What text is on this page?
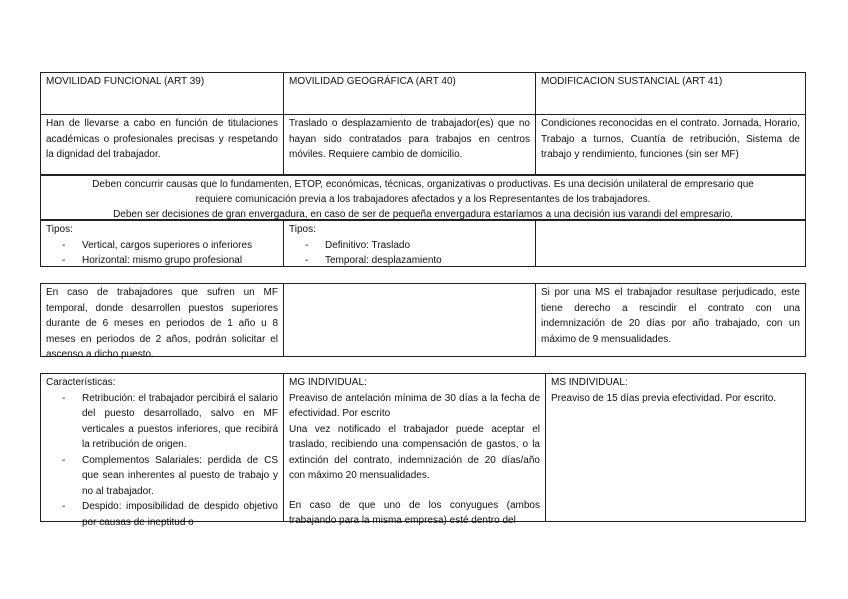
MOVILIDAD FUNCIONAL (ART 39)	MOVILIDAD GEOGRÁFICA (ART 40)	MODIFICACION SUSTANCIAL (ART 41)
Han de llevarse a cabo en función de titulaciones académicas o profesionales precisas y respetando la dignidad del trabajador.
Traslado o desplazamiento de trabajador(es) que no hayan sido contratados para trabajos en centros móviles. Requiere cambio de domicilio.
Condiciones reconocidas en el contrato. Jornada, Horario, Trabajo a turnos, Cuantía de retribución, Sistema de trabajo y rendimiento, funciones (sin ser MF)

Deben concurrir causas que lo fundamenten, ETOP, económicas, técnicas, organizativas o productivas. Es una decisión unilateral de empresario que

requiere comunicación previa a los trabajadores afectados y a los Representantes de los trabajadores.

Deben ser decisiones de gran envergadura, en caso de ser de pequeña envergadura estaríamos a una decisión ius varandi del empresario.

Tipos:

- Vertical, cargos superiores o inferiores
- Horizontal: mismo grupo profesional

Tipos:

- Definitivo: Traslado
- Temporal: desplazamiento
En caso de trabajadores que sufren un MF temporal, donde desarrollen puestos superiores durante de 6 meses en periodos de 1 año u 8 meses en periodos de 2 años, podrán solicitar el ascenso a dicho puesto.
Si por una MS el trabajador resultase perjudicado, este tiene derecho a rescindir el contrato con una indemnización de 20 días por año trabajado, con un máximo de 9 mensualidades.

Características:

- Retribución: el trabajador percibirá el salario del puesto desarrollado, salvo en MF verticales a puestos inferiores, que recibirá la retribución de origen.
- Complementos Salariales: perdida de CS que sean inherentes al puesto de trabajo y no al trabajador.
- Despido: imposibilidad de despido objetivo por causas de ineptitud o

MG INDIVIDUAL:

Preaviso de antelación mínima de 30 días a la fecha de efectividad. Por escrito

Una vez notificado el trabajador puede aceptar el traslado, recibiendo una compensación de gastos, o la extinción del contrato, indemnización de 20 días/año con máximo 20 mensualidades.

En caso de que uno de los conyugues (ambos trabajando para la misma empresa) esté dentro del

MS INDIVIDUAL:

Preaviso de 15 días previa efectividad. Por escrito.
